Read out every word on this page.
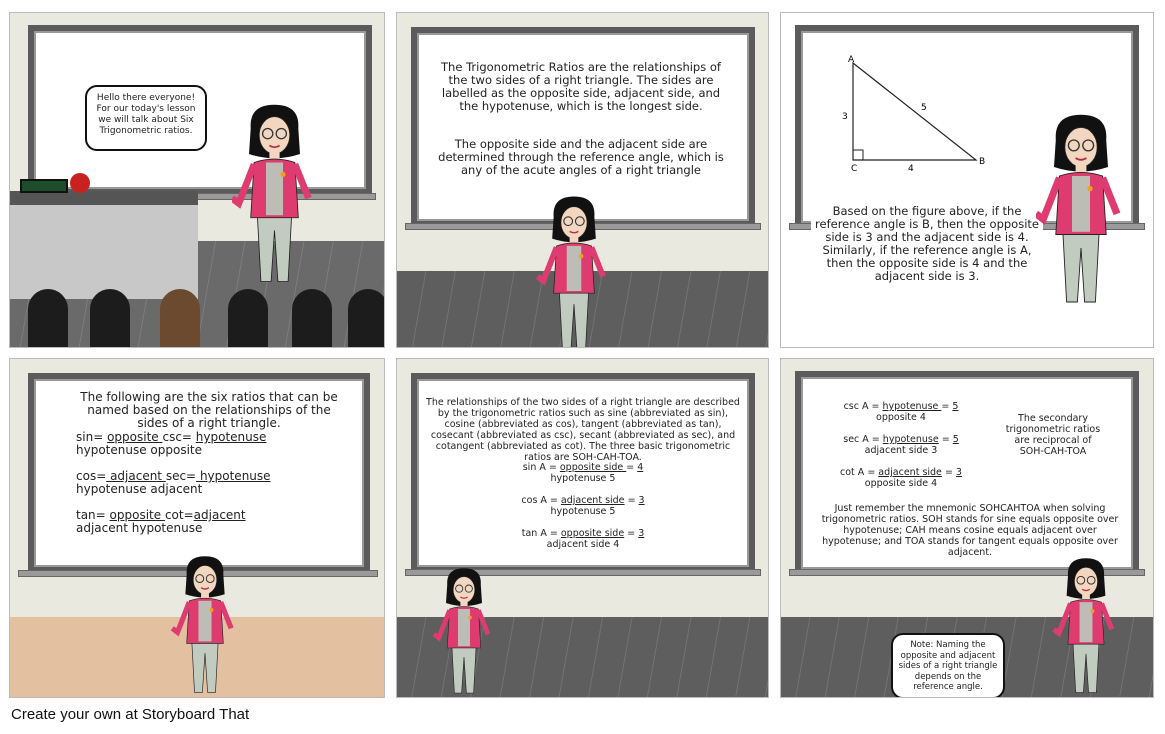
Hello there everyone! For our today's lesson we will talk about Six Trigonometric ratios.
The Trigonometric Ratios are the relationships of the two sides of a right triangle. The sides are labelled as the opposite side, adjacent side, and the hypotenuse, which is the longest side.
The opposite side and the adjacent side are determined through the reference angle, which is any of the acute angles of a right triangle
A
B
C
3
4
5
Based on the figure above, if the reference angle is B, then the opposite side is 3 and the adjacent side is 4. Similarly, if the reference angle is A, then the opposite side is 4 and the adjacent side is 3.
The following are the six ratios that can be named based on the relationships of the sides of a right triangle.
sin= opposite csc= hypotenuse
hypotenuse opposite

cos= adjacent sec= hypotenuse
hypotenuse adjacent

tan= opposite cot=adjacent
adjacent hypotenuse
The relationships of the two sides of a right triangle are described by the trigonometric ratios such as sine (abbreviated as sin), cosine (abbreviated as cos), tangent (abbreviated as tan), cosecant (abbreviated as csc), secant (abbreviated as sec), and cotangent (abbreviated as cot). The three basic trigonometric ratios are SOH-CAH-TOA.
sin A = opposite side = 4
hypotenuse 5

cos A = adjacent side = 3
hypotenuse 5

tan A = opposite side = 3
adjacent side 4
csc A = hypotenuse = 5
opposite 4

sec A = hypotenuse = 5
adjacent side 3

cot A = adjacent side = 3
opposite side 4
The secondary trigonometric ratios are reciprocal of SOH-CAH-TOA
Just remember the mnemonic SOHCAHTOA when solving trigonometric ratios. SOH stands for sine equals opposite over hypotenuse; CAH means cosine equals adjacent over hypotenuse; and TOA stands for tangent equals opposite over adjacent.
Note: Naming the opposite and adjacent sides of a right triangle depends on the reference angle.
Create your own at Storyboard That
